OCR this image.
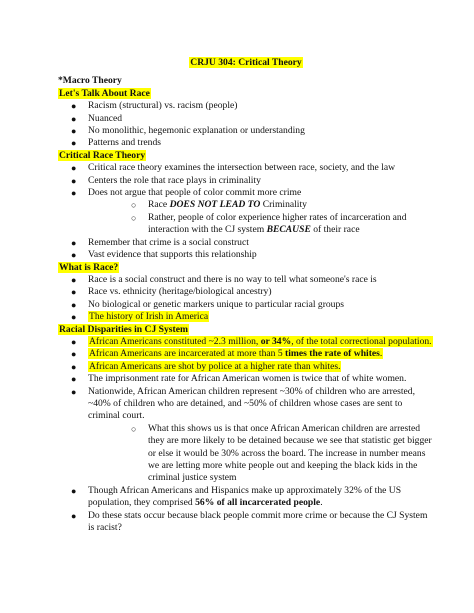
CRJU 304: Critical Theory
*Macro Theory
Let's Talk About Race
● Racism (structural) vs. racism (people)
● Nuanced
● No monolithic, hegemonic explanation or understanding
● Patterns and trends
Critical Race Theory
● Critical race theory examines the intersection between race, society, and the law
● Centers the role that race plays in criminality
● Does not argue that people of color commit more crime
○ Race DOES NOT LEAD TO Criminality
○ Rather, people of color experience higher rates of incarceration and interaction with the CJ system BECAUSE of their race
● Remember that crime is a social construct
● Vast evidence that supports this relationship
What is Race?
● Race is a social construct and there is no way to tell what someone's race is
● Race vs. ethnicity (heritage/biological ancestry)
● No biological or genetic markers unique to particular racial groups
● The history of Irish in America
Racial Disparities in CJ System
● African Americans constituted ~2.3 million, or 34%, of the total correctional population.
● African Americans are incarcerated at more than 5 times the rate of whites.
● African Americans are shot by police at a higher rate than whites.
● The imprisonment rate for African American women is twice that of white women.
● Nationwide, African American children represent ~30% of children who are arrested, ~40% of children who are detained, and ~50% of children whose cases are sent to criminal court.
○ What this shows us is that once African American children are arrested they are more likely to be detained because we see that statistic get bigger or else it would be 30% across the board. The increase in number means we are letting more white people out and keeping the black kids in the criminal justice system
● Though African Americans and Hispanics make up approximately 32% of the US population, they comprised 56% of all incarcerated people.
● Do these stats occur because black people commit more crime or because the CJ System is racist?
